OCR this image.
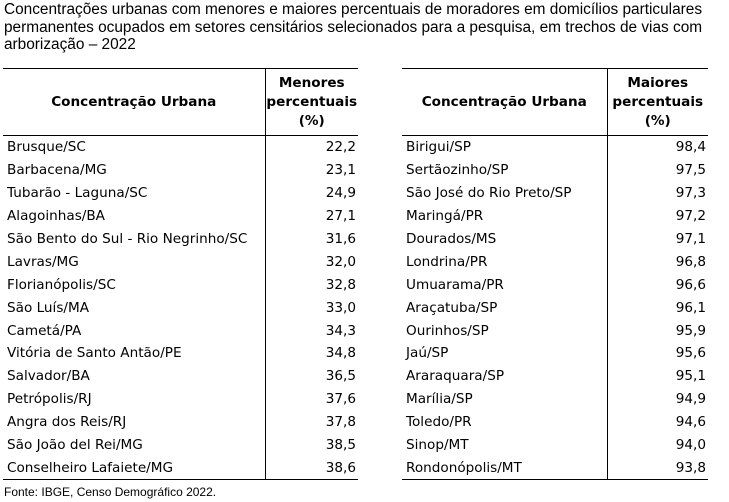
Concentrações urbanas com menores e maiores percentuais de moradores em domicílios particulares permanentes ocupados em setores censitários selecionados para a pesquisa, em trechos de vias com arborização – 2022
Concentração Urbana	Menores
percentuais
(%)
Brusque/SC	22,2
Barbacena/MG	23,1
Tubarão - Laguna/SC	24,9
Alagoinhas/BA	27,1
São Bento do Sul - Rio Negrinho/SC	31,6
Lavras/MG	32,0
Florianópolis/SC	32,8
São Luís/MA	33,0
Cametá/PA	34,3
Vitória de Santo Antão/PE	34,8
Salvador/BA	36,5
Petrópolis/RJ	37,6
Angra dos Reis/RJ	37,8
São João del Rei/MG	38,5
Conselheiro Lafaiete/MG	38,6
Concentração Urbana	Maiores
percentuais
(%)
Birigui/SP	98,4
Sertãozinho/SP	97,5
São José do Rio Preto/SP	97,3
Maringá/PR	97,2
Dourados/MS	97,1
Londrina/PR	96,8
Umuarama/PR	96,6
Araçatuba/SP	96,1
Ourinhos/SP	95,9
Jaú/SP	95,6
Araraquara/SP	95,1
Marília/SP	94,9
Toledo/PR	94,6
Sinop/MT	94,0
Rondonópolis/MT	93,8
Fonte: IBGE, Censo Demográfico 2022.
